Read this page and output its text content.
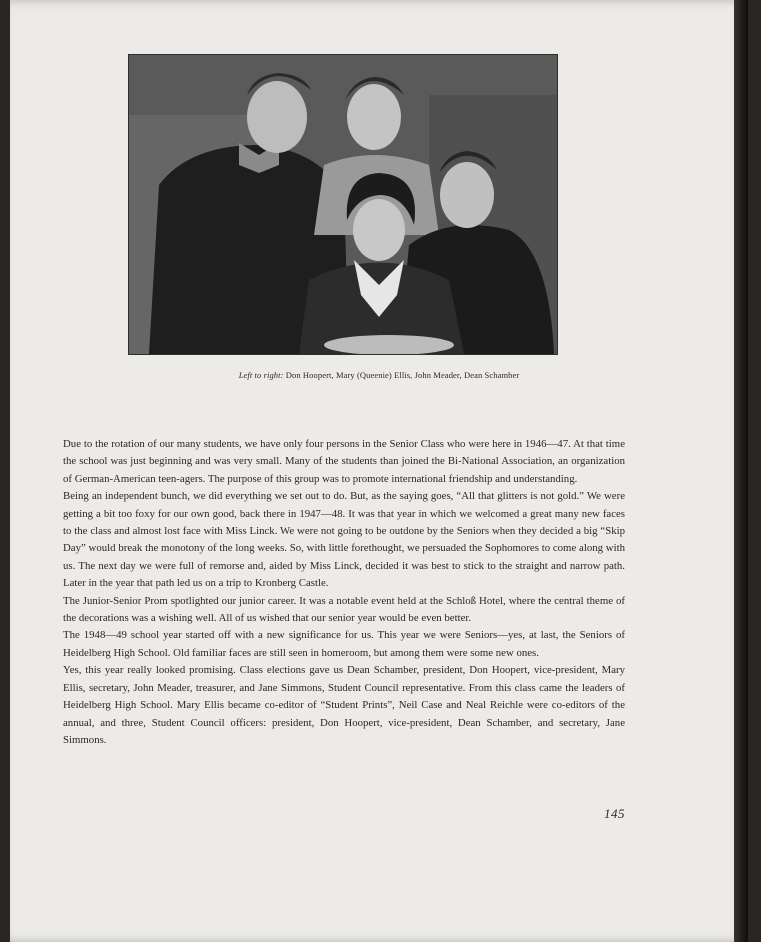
Left to right: Don Hoopert, Mary (Queenie) Ellis, John Meader, Dean Schamber

Due to the rotation of our many students, we have only four persons in the Senior Class who were here in 1946—47. At that time the school was just beginning and was very small. Many of the students than joined the Bi-National Association, an organization of German-American teen-agers. The purpose of this group was to promote international friendship and understanding.

Being an independent bunch, we did everything we set out to do. But, as the saying goes, “All that glitters is not gold.” We were getting a bit too foxy for our own good, back there in 1947—48. It was that year in which we welcomed a great many new faces to the class and almost lost face with Miss Linck. We were not going to be outdone by the Seniors when they decided a big “Skip Day” would break the monotony of the long weeks. So, with little forethought, we persuaded the Sophomores to come along with us. The next day we were full of remorse and, aided by Miss Linck, decided it was best to stick to the straight and narrow path. Later in the year that path led us on a trip to Kronberg Castle.

The Junior-Senior Prom spotlighted our junior career. It was a notable event held at the Schloß Hotel, where the central theme of the decorations was a wishing well. All of us wished that our senior year would be even better.

The 1948—49 school year started off with a new significance for us. This year we were Seniors—yes, at last, the Seniors of Heidelberg High School. Old familiar faces are still seen in homeroom, but among them were some new ones.

Yes, this year really looked promising. Class elections gave us Dean Schamber, president, Don Hoopert, vice-president, Mary Ellis, secretary, John Meader, treasurer, and Jane Simmons, Student Council representative. From this class came the leaders of Heidelberg High School. Mary Ellis became co-editor of “Student Prints”, Neil Case and Neal Reichle were co-editors of the annual, and three, Student Council officers: president, Don Hoopert, vice-president, Dean Schamber, and secretary, Jane Simmons.

145
